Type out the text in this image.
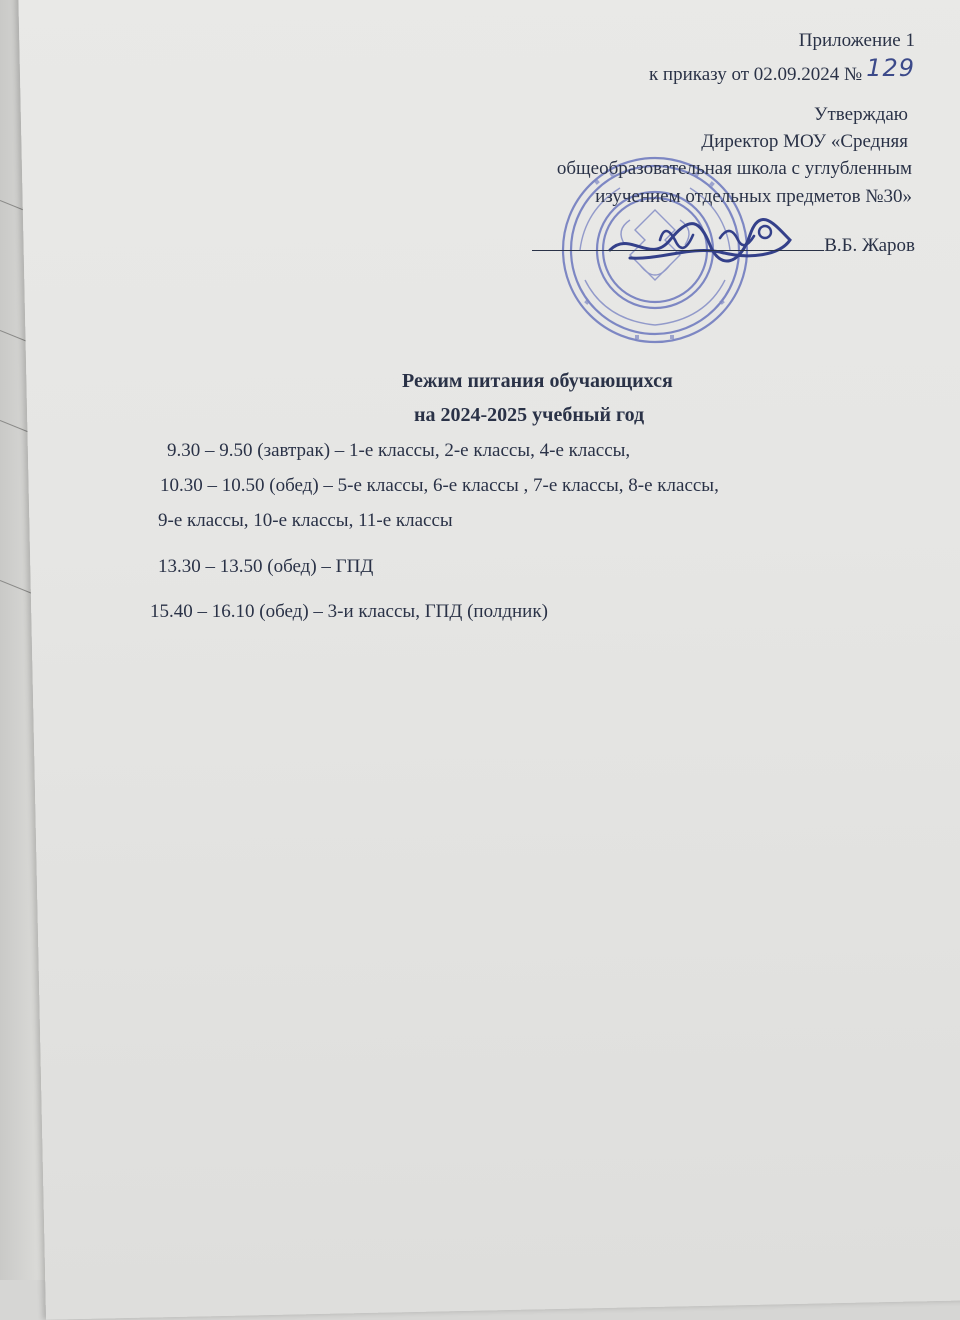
Приложение 1
к приказу от 02.09.2024 № 129
Утверждаю
Директор МОУ «Средняя
общеобразовательная школа с углубленным
изучением отдельных предметов №30»
В.Б. Жаров
Режим питания обучающихся
на 2024-2025 учебный год
9.30 – 9.50 (завтрак) – 1-е классы, 2-е классы, 4-е классы,
10.30 – 10.50 (обед) – 5-е классы, 6-е классы , 7-е классы, 8-е классы,
9-е классы, 10-е классы, 11-е классы
13.30 – 13.50 (обед) – ГПД
15.40 – 16.10 (обед) – 3-и классы, ГПД (полдник)
